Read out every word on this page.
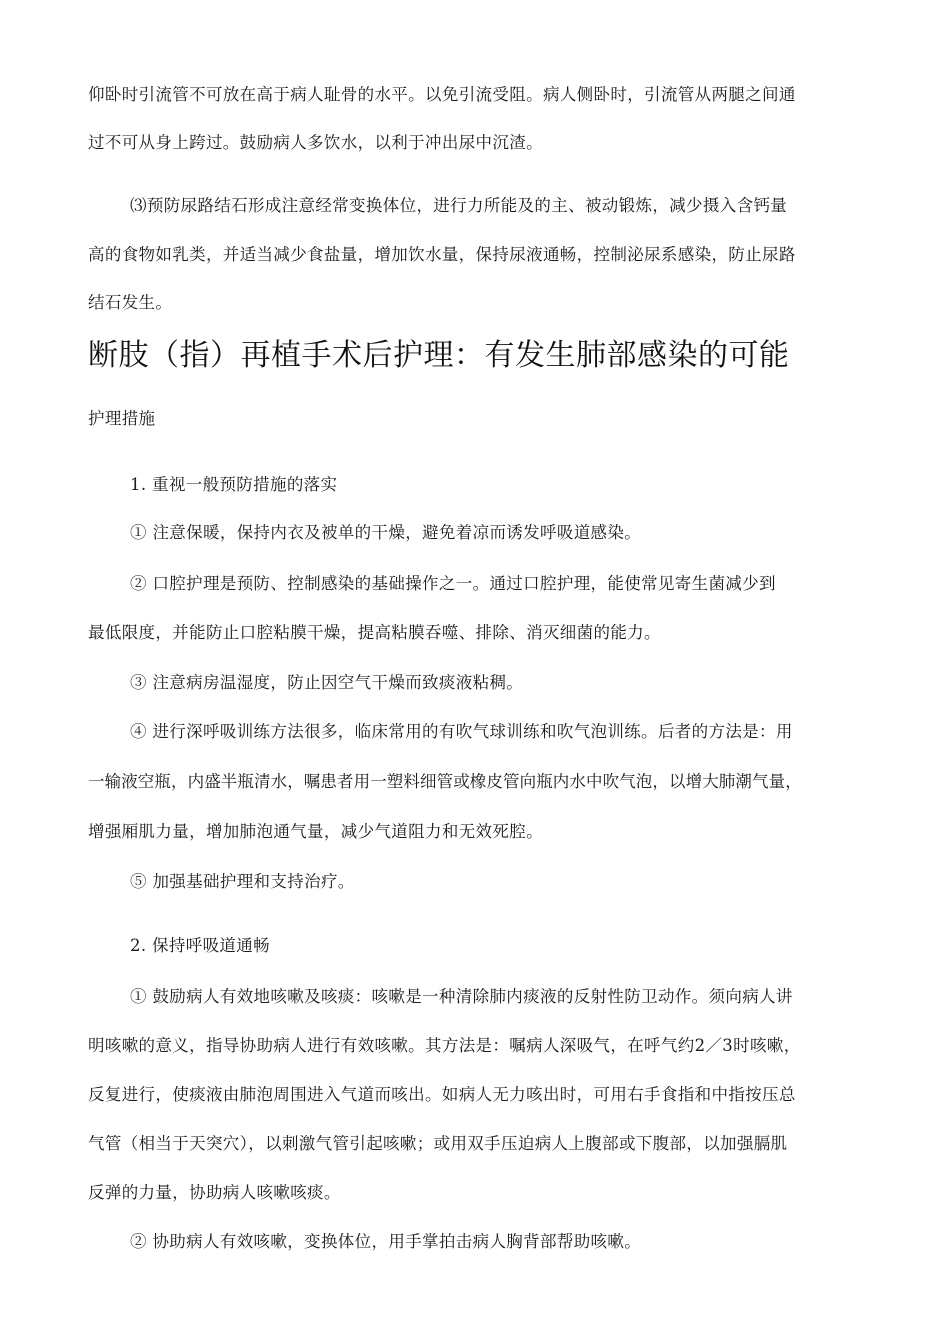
仰卧时引流管不可放在高于病人耻骨的水平。以免引流受阻。病人侧卧时，引流管从两腿之间通
过不可从身上跨过。鼓励病人多饮水，以利于冲出尿中沉渣。
⑶预防尿路结石形成注意经常变换体位，进行力所能及的主、被动锻炼，减少摄入含钙量
高的食物如乳类，并适当减少食盐量，增加饮水量，保持尿液通畅，控制泌尿系感染，防止尿路
结石发生。
断肢（指）再植手术后护理：有发生肺部感染的可能
护理措施
1. 重视一般预防措施的落实
① 注意保暖，保持内衣及被单的干燥，避免着凉而诱发呼吸道感染。
② 口腔护理是预防、控制感染的基础操作之一。通过口腔护理，能使常见寄生菌减少到
最低限度，并能防止口腔粘膜干燥，提高粘膜吞噬、排除、消灭细菌的能力。
③ 注意病房温湿度，防止因空气干燥而致痰液粘稠。
④ 进行深呼吸训练方法很多，临床常用的有吹气球训练和吹气泡训练。后者的方法是：用
一输液空瓶，内盛半瓶清水，嘱患者用一塑料细管或橡皮管向瓶内水中吹气泡，以增大肺潮气量，
增强厢肌力量，增加肺泡通气量，减少气道阻力和无效死腔。
⑤ 加强基础护理和支持治疗。
2. 保持呼吸道通畅
① 鼓励病人有效地咳嗽及咳痰：咳嗽是一种清除肺内痰液的反射性防卫动作。须向病人讲
明咳嗽的意义，指导协助病人进行有效咳嗽。其方法是：嘱病人深吸气，在呼气约2／3时咳嗽，
反复进行，使痰液由肺泡周围进入气道而咳出。如病人无力咳出时，可用右手食指和中指按压总
气管（相当于天突穴），以刺激气管引起咳嗽；或用双手压迫病人上腹部或下腹部，以加强膈肌
反弹的力量，协助病人咳嗽咳痰。
② 协助病人有效咳嗽，变换体位，用手掌拍击病人胸背部帮助咳嗽。
